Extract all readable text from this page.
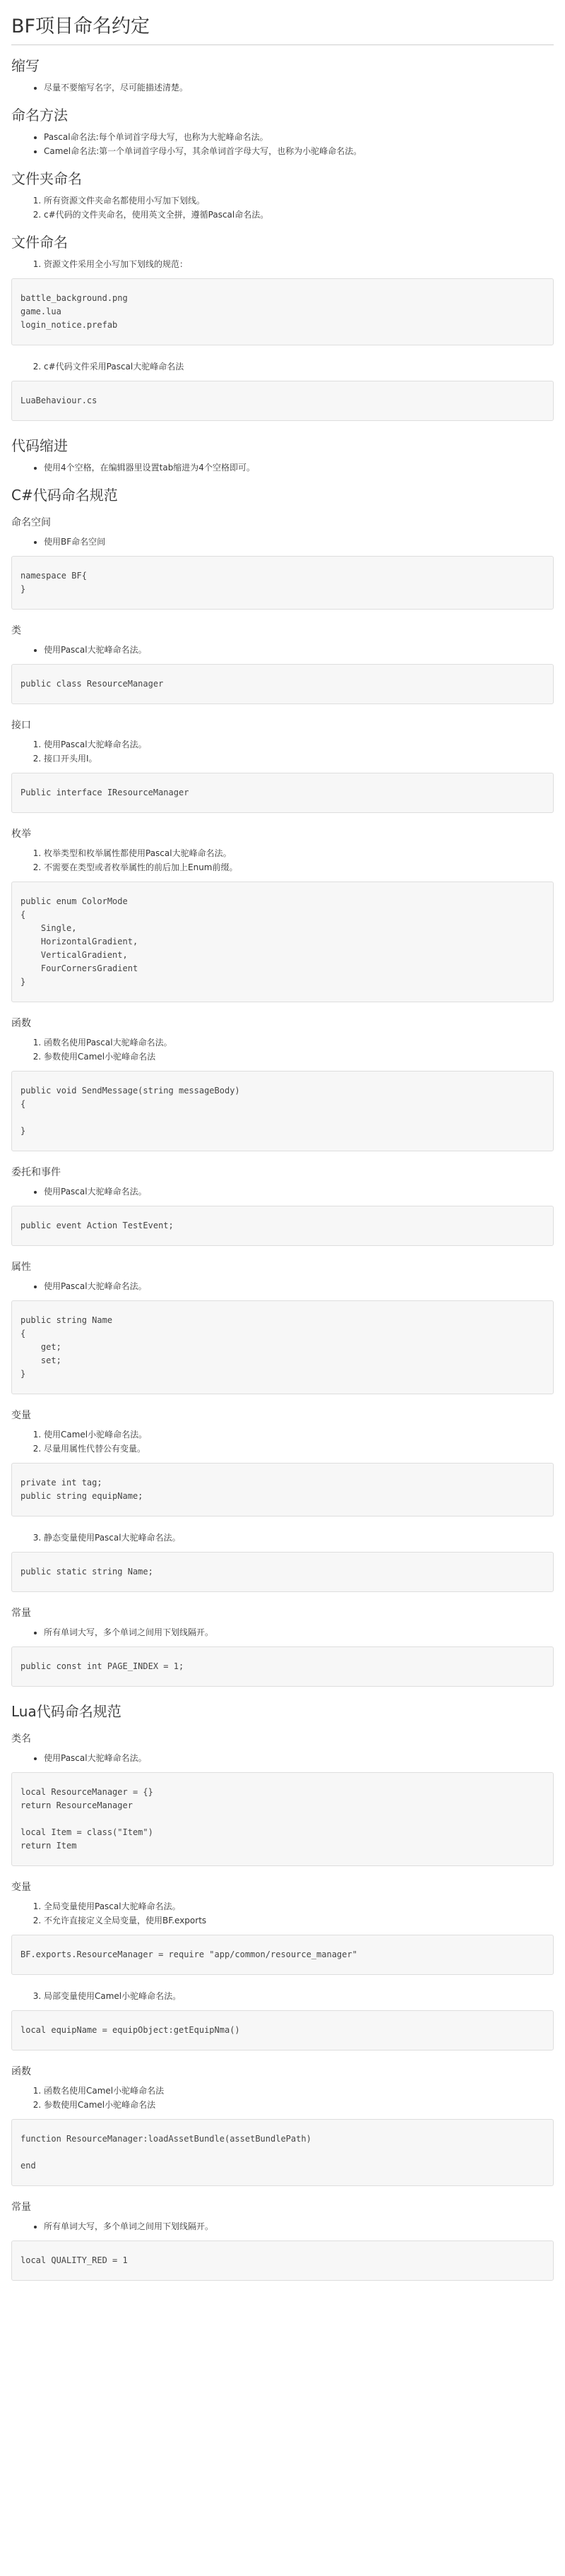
BF项目命名约定
缩写
• 尽量不要缩写名字，尽可能描述清楚。
命名方法
• Pascal命名法:每个单词首字母大写，也称为大驼峰命名法。
• Camel命名法:第一个单词首字母小写，其余单词首字母大写，也称为小驼峰命名法。
文件夹命名
1. 所有资源文件夹命名都使用小写加下划线。
2. c#代码的文件夹命名，使用英文全拼，遵循Pascal命名法。
文件命名
1. 资源文件采用全小写加下划线的规范：
battle_background.png
game.lua
login_notice.prefab
2. c#代码文件采用Pascal大驼峰命名法
LuaBehaviour.cs
代码缩进
• 使用4个空格，在编辑器里设置tab缩进为4个空格即可。
C#代码命名规范
命名空间
• 使用BF命名空间
namespace BF{
}
类
• 使用Pascal大驼峰命名法。
public class ResourceManager
接口
1. 使用Pascal大驼峰命名法。
2. 接口开头用I。
Public interface IResourceManager
枚举
1. 枚举类型和枚举属性都使用Pascal大驼峰命名法。
2. 不需要在类型或者枚举属性的前后加上Enum前缀。
public enum ColorMode
{
Single,
HorizontalGradient,
VerticalGradient,
FourCornersGradient
}
函数
1. 函数名使用Pascal大驼峰命名法。
2. 参数使用Camel小驼峰命名法
public void SendMessage(string messageBody)
{

}
委托和事件
• 使用Pascal大驼峰命名法。
public event Action TestEvent;
属性
• 使用Pascal大驼峰命名法。
public string Name
{
get;
set;
}
变量
1. 使用Camel小驼峰命名法。
2. 尽量用属性代替公有变量。
private int tag;
public string equipName;
3. 静态变量使用Pascal大驼峰命名法。
public static string Name;
常量
• 所有单词大写，多个单词之间用下划线隔开。
public const int PAGE_INDEX = 1;
Lua代码命名规范
类名
• 使用Pascal大驼峰命名法。
local ResourceManager = {}
return ResourceManager

local Item = class("Item")
return Item
变量
1. 全局变量使用Pascal大驼峰命名法。
2. 不允许直接定义全局变量，使用BF.exports
BF.exports.ResourceManager = require "app/common/resource_manager"
3. 局部变量使用Camel小驼峰命名法。
local equipName = equipObject:getEquipNma()
函数
1. 函数名使用Camel小驼峰命名法
2. 参数使用Camel小驼峰命名法
function ResourceManager:loadAssetBundle(assetBundlePath)

end
常量
• 所有单词大写，多个单词之间用下划线隔开。
local QUALITY_RED = 1
